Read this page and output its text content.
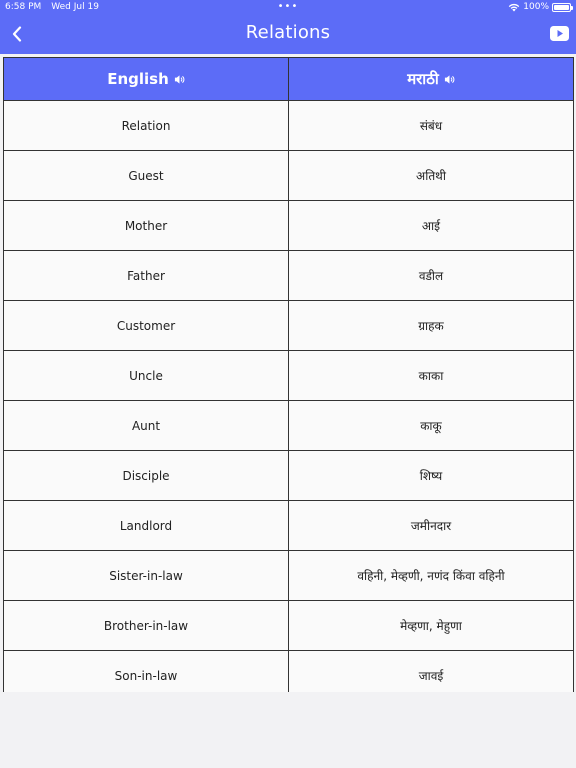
6:58 PM Wed Jul 19	•••	100%
Relations
English	मराठी
Relation	संबंध
Guest	अतिथी
Mother	आई
Father	वडील
Customer	ग्राहक
Uncle	काका
Aunt	काकू
Disciple	शिष्य
Landlord	जमीनदार
Sister-in-law	वहिनी, मेव्हणी, नणंद किंवा वहिनी
Brother-in-law	मेव्हणा, मेहुणा
Son-in-law	जावई
